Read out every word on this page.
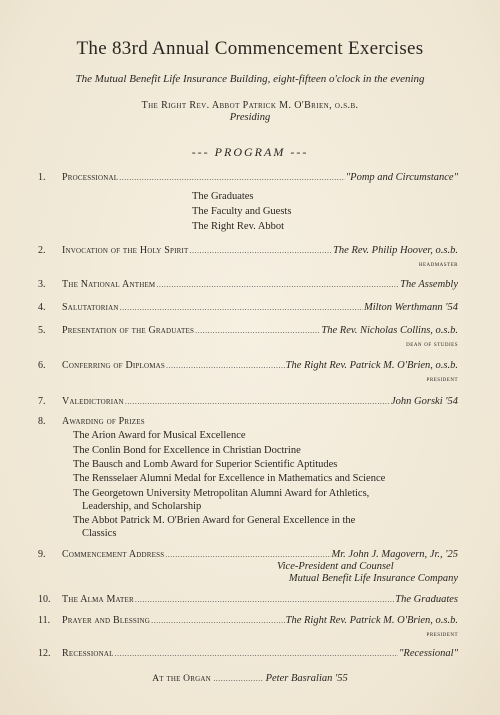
The 83rd Annual Commencement Exercises
The Mutual Benefit Life Insurance Building, eight-fifteen o'clock in the evening
The Right Rev. Abbot Patrick M. O'Brien, o.s.b.
Presiding
--- PROGRAM ---
1.	Processional .....	"Pomp and Circumstance"
The Graduates
The Faculty and Guests
The Right Rev. Abbot
2.	Invocation of the Holy Spirit .....	The Rev. Philip Hoover, o.s.b.
headmaster
3.	The National Anthem .....	The Assembly
4.	Salutatorian .....	Milton Werthmann '54
5.	Presentation of the Graduates .....	The Rev. Nicholas Collins, o.s.b.
dean of studies
6.	Conferring of Diplomas .....	The Right Rev. Patrick M. O'Brien, o.s.b.
president
7.	Valedictorian .....	John Gorski '54
8.	Awarding of Prizes
The Arion Award for Musical Excellence
The Conlin Bond for Excellence in Christian Doctrine
The Bausch and Lomb Award for Superior Scientific Aptitudes
The Rensselaer Alumni Medal for Excellence in Mathematics and Science
The Georgetown University Metropolitan Alumni Award for Athletics,
Leadership, and Scholarship
The Abbot Patrick M. O'Brien Award for General Excellence in the
Classics
9.	Commencement Address .....	Mr. John J. Magovern, Jr., '25
Vice-President and Counsel
Mutual Benefit Life Insurance Company
10.	The Alma Mater .....	The Graduates
11.	Prayer and Blessing .....	The Right Rev. Patrick M. O'Brien, o.s.b.
president
12.	Recessional .....	"Recessional"
At the Organ .................... Peter Basralian '55
